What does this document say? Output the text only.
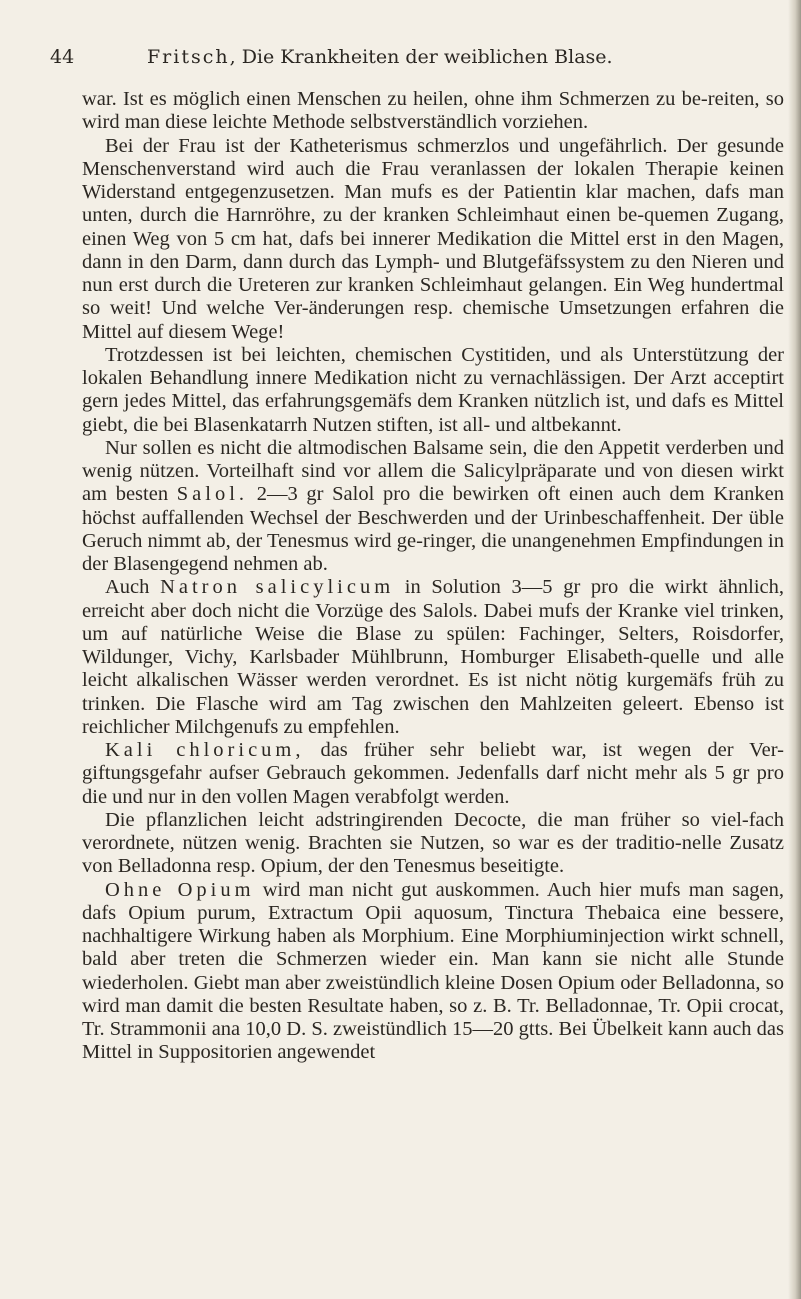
44	Fritsch, Die Krankheiten der weiblichen Blase.

war. Ist es möglich einen Menschen zu heilen, ohne ihm Schmerzen zu be-reiten, so wird man diese leichte Methode selbstverständlich vorziehen.

Bei der Frau ist der Katheterismus schmerzlos und ungefährlich. Der gesunde Menschenverstand wird auch die Frau veranlassen der lokalen Therapie keinen Widerstand entgegenzusetzen. Man mufs es der Patientin klar machen, dafs man unten, durch die Harnröhre, zu der kranken Schleimhaut einen be-quemen Zugang, einen Weg von 5 cm hat, dafs bei innerer Medikation die Mittel erst in den Magen, dann in den Darm, dann durch das Lymph- und Blutgefäfssystem zu den Nieren und nun erst durch die Ureteren zur kranken Schleimhaut gelangen. Ein Weg hundertmal so weit! Und welche Ver-änderungen resp. chemische Umsetzungen erfahren die Mittel auf diesem Wege!

Trotzdessen ist bei leichten, chemischen Cystitiden, und als Unterstützung der lokalen Behandlung innere Medikation nicht zu vernachlässigen. Der Arzt acceptirt gern jedes Mittel, das erfahrungsgemäfs dem Kranken nützlich ist, und dafs es Mittel giebt, die bei Blasenkatarrh Nutzen stiften, ist all- und altbekannt.

Nur sollen es nicht die altmodischen Balsame sein, die den Appetit verderben und wenig nützen. Vorteilhaft sind vor allem die Salicylpräparate und von diesen wirkt am besten Salol. 2—3 gr Salol pro die bewirken oft einen auch dem Kranken höchst auffallenden Wechsel der Beschwerden und der Urinbeschaffenheit. Der üble Geruch nimmt ab, der Tenesmus wird ge-ringer, die unangenehmen Empfindungen in der Blasengegend nehmen ab.

Auch Natron salicylicum in Solution 3—5 gr pro die wirkt ähnlich, erreicht aber doch nicht die Vorzüge des Salols. Dabei mufs der Kranke viel trinken, um auf natürliche Weise die Blase zu spülen: Fachinger, Selters, Roisdorfer, Wildunger, Vichy, Karlsbader Mühlbrunn, Homburger Elisabeth-quelle und alle leicht alkalischen Wässer werden verordnet. Es ist nicht nötig kurgemäfs früh zu trinken. Die Flasche wird am Tag zwischen den Mahlzeiten geleert. Ebenso ist reichlicher Milchgenufs zu empfehlen.

Kali chloricum, das früher sehr beliebt war, ist wegen der Ver-giftungsgefahr aufser Gebrauch gekommen. Jedenfalls darf nicht mehr als 5 gr pro die und nur in den vollen Magen verabfolgt werden.

Die pflanzlichen leicht adstringirenden Decocte, die man früher so viel-fach verordnete, nützen wenig. Brachten sie Nutzen, so war es der traditio-nelle Zusatz von Belladonna resp. Opium, der den Tenesmus beseitigte.

Ohne Opium wird man nicht gut auskommen. Auch hier mufs man sagen, dafs Opium purum, Extractum Opii aquosum, Tinctura Thebaica eine bessere, nachhaltigere Wirkung haben als Morphium. Eine Morphiuminjection wirkt schnell, bald aber treten die Schmerzen wieder ein. Man kann sie nicht alle Stunde wiederholen. Giebt man aber zweistündlich kleine Dosen Opium oder Belladonna, so wird man damit die besten Resultate haben, so z. B. Tr. Belladonnae, Tr. Opii crocat, Tr. Strammonii ana 10,0 D. S. zweistündlich 15—20 gtts. Bei Übelkeit kann auch das Mittel in Suppositorien angewendet
